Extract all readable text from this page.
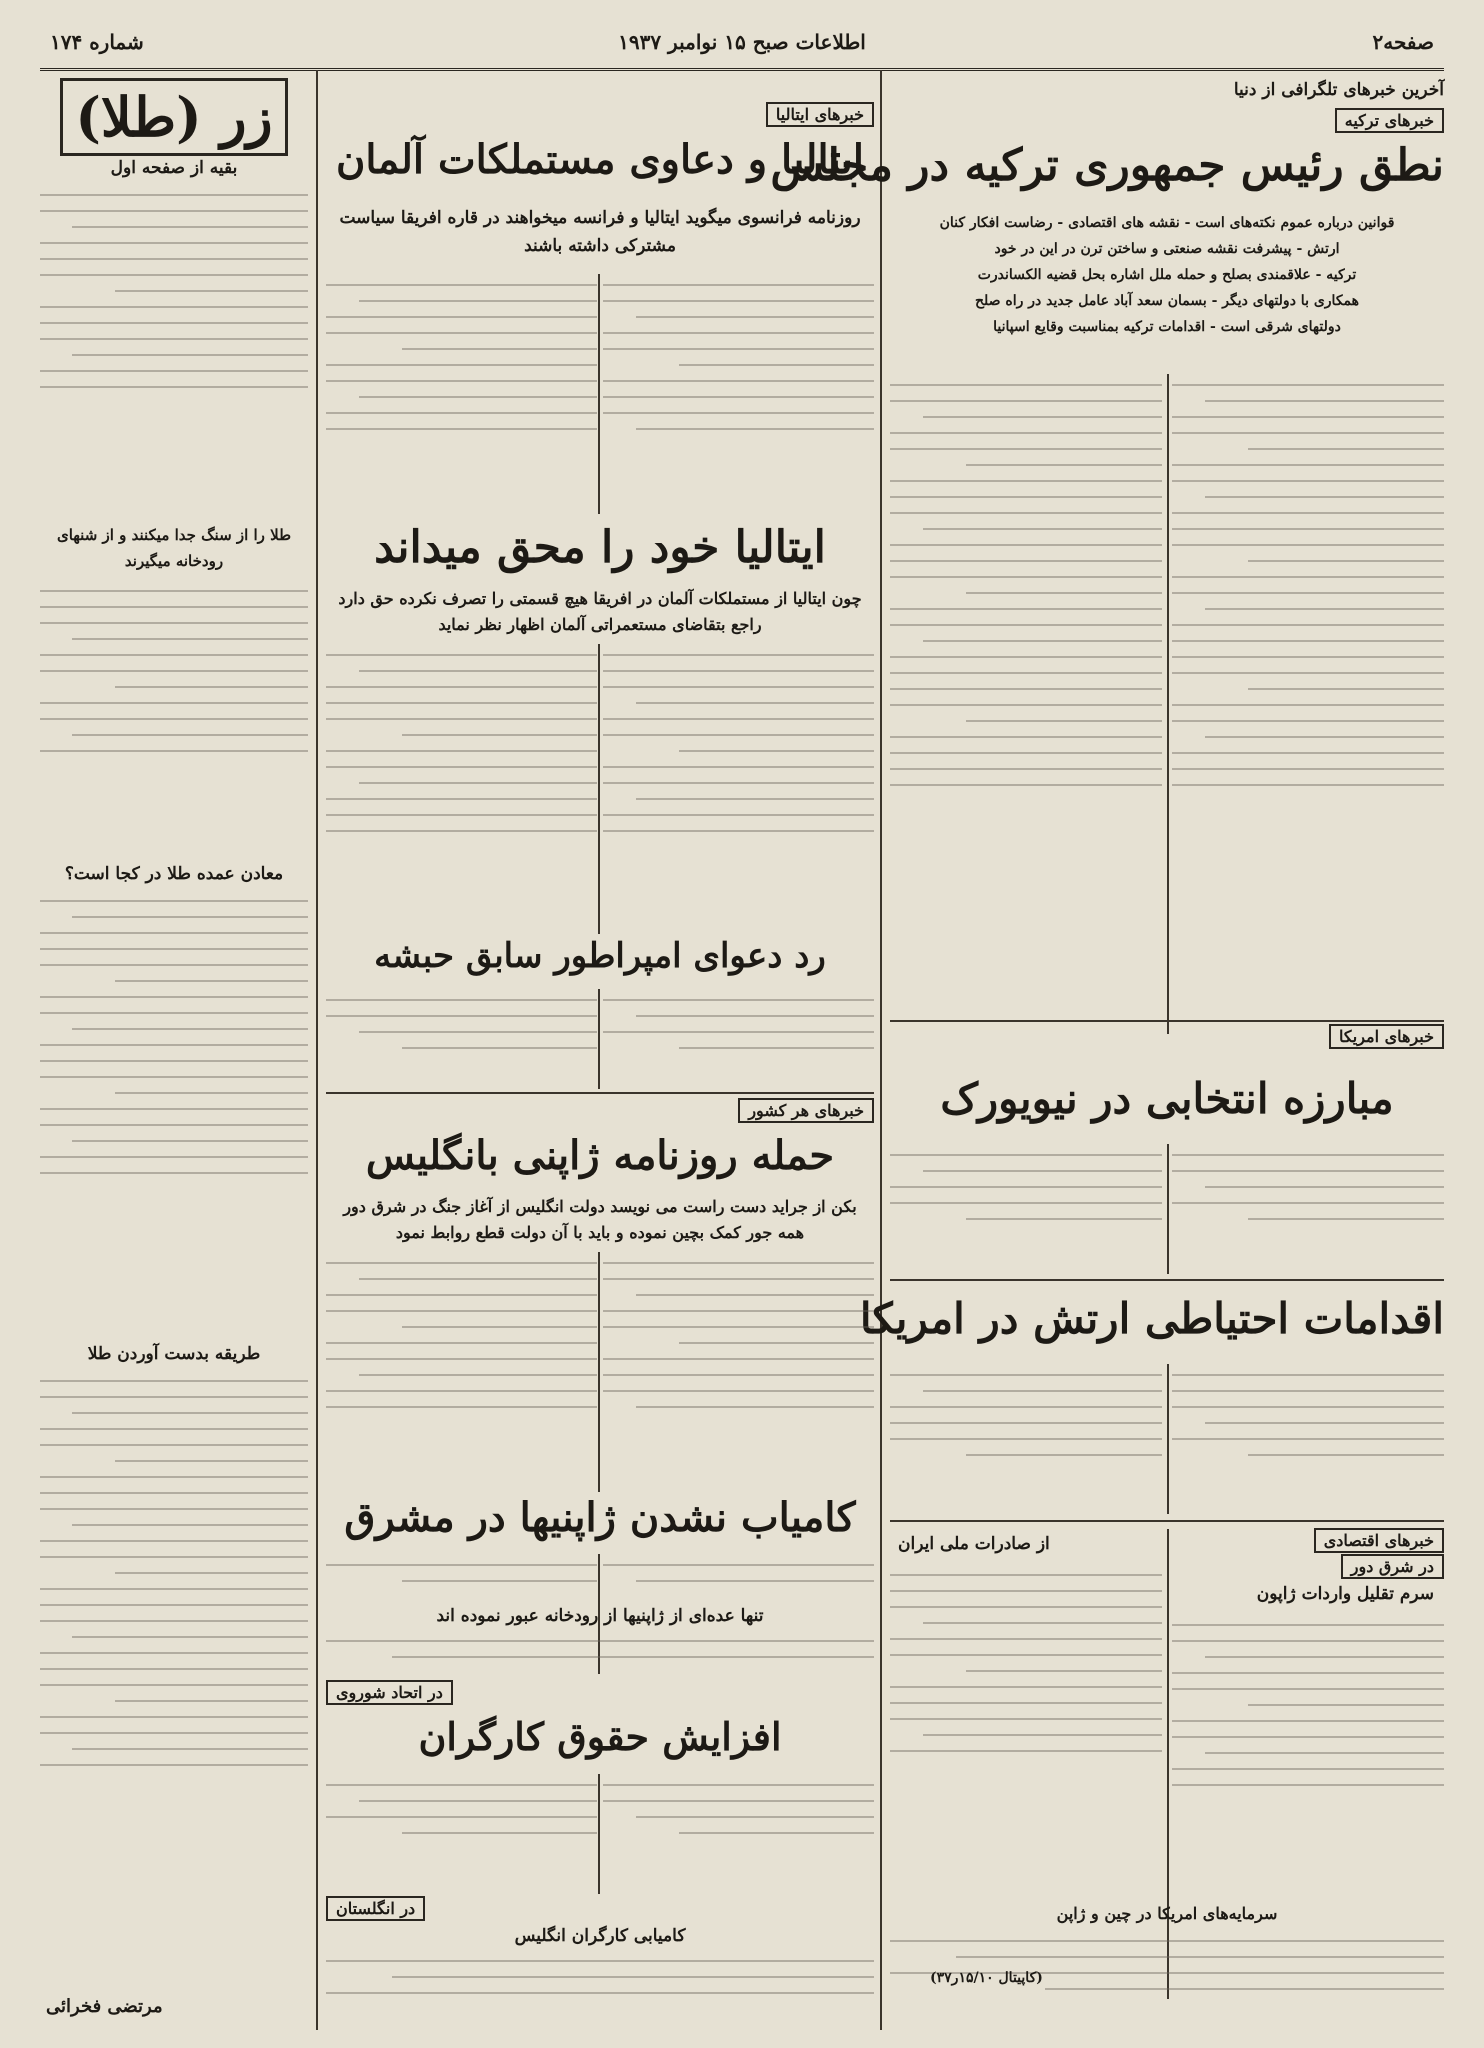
صفحه۲
اطلاعات صبح ۱۵ نوامبر ۱۹۳۷
شماره ۱۷۴
آخرین خبرهای تلگرافی از دنیا
خبرهای ترکیه
نطق رئیس جمهوری ترکیه در مجلس
قوانین درباره عموم نکته‌های است - نقشه های اقتصادی - رضاست افکار کنان
ارتش - پیشرفت نقشه صنعتی و ساختن ترن در این در خود
ترکیه - علاقمندی بصلح و حمله ملل اشاره بحل قضیه الکساندرت
همکاری با دولتهای دیگر - بسمان سعد آباد عامل جدید در راه صلح
دولتهای شرقی است - اقدامات ترکیه بمناسبت وقایع اسپانیا
خبرهای امریکا
مبارزه انتخابی در نیویورک
اقدامات احتیاطی ارتش در امریکا
خبرهای اقتصادی
در شرق دور
از صادرات ملی ایران
سرم تقلیل واردات ژاپون
سرمایه‌های امریکا در چین و ژاپن
(کاپیتال ۱۵/۱۰ر۳۷)
خبرهای ایتالیا
ایتالیا و دعاوی مستملکات آلمان
روزنامه فرانسوی میگوید ایتالیا و فرانسه میخواهند در قاره افریقا سیاست مشترکی داشته باشند
ایتالیا خود را محق میداند
چون ایتالیا از مستملکات آلمان در افریقا هیچ قسمتی را تصرف نکرده حق دارد راجع بتقاضای مستعمراتی آلمان اظهار نظر نماید
رد دعوای امپراطور سابق حبشه
خبرهای هر کشور
حمله روزنامه ژاپنی بانگلیس
بکن از جراید دست راست می نویسد دولت انگلیس از آغاز جنگ در شرق دور همه جور کمک بچین نموده و باید با آن دولت قطع روابط نمود
کامیاب نشدن ژاپنیها در مشرق
تنها عده‌ای از ژاپنیها از رودخانه عبور نموده اند
در اتحاد شوروی
افزایش حقوق کارگران
در انگلستان
کامیابی کارگران انگلیس
زر (طلا)
بقیه از صفحه اول
طلا را از سنگ جدا میکنند و از شنهای رودخانه میگیرند
معادن عمده طلا در کجا است؟
طریقه بدست آوردن طلا
مرتضی فخرائی
